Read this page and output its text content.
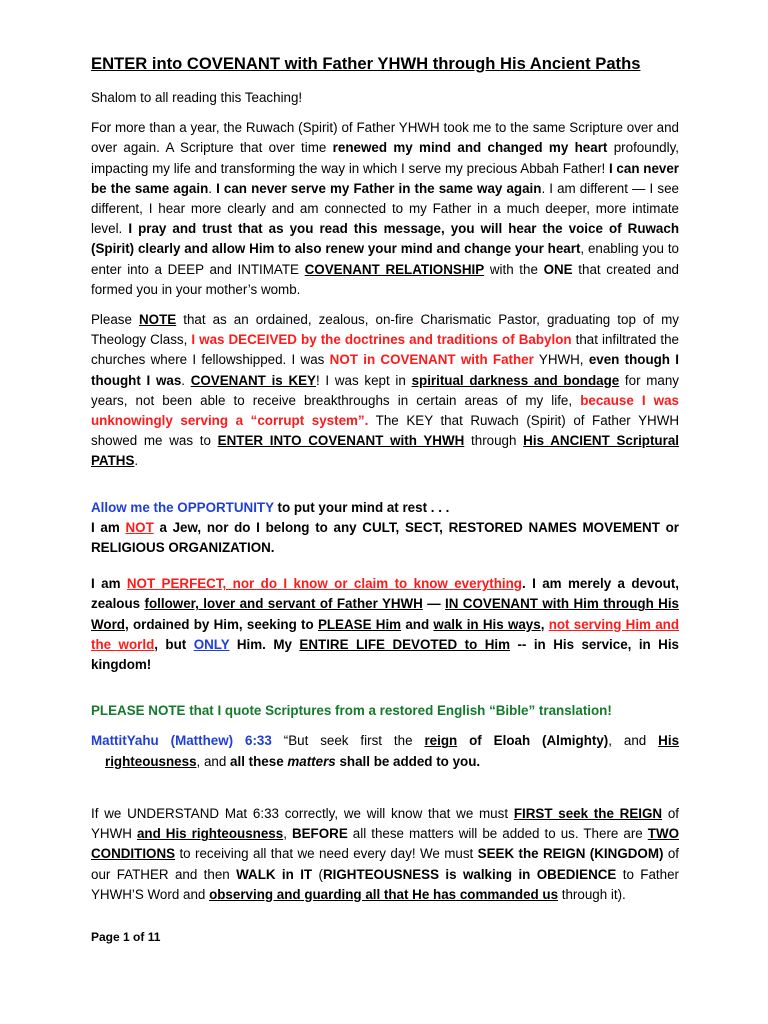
ENTER into COVENANT with Father YHWH through His Ancient Paths

Shalom to all reading this Teaching!

For more than a year, the Ruwach (Spirit) of Father YHWH took me to the same Scripture over and over again. A Scripture that over time renewed my mind and changed my heart profoundly, impacting my life and transforming the way in which I serve my precious Abbah Father! I can never be the same again. I can never serve my Father in the same way again. I am different — I see different, I hear more clearly and am connected to my Father in a much deeper, more intimate level. I pray and trust that as you read this message, you will hear the voice of Ruwach (Spirit) clearly and allow Him to also renew your mind and change your heart, enabling you to enter into a DEEP and INTIMATE COVENANT RELATIONSHIP with the ONE that created and formed you in your mother’s womb.

Please NOTE that as an ordained, zealous, on-fire Charismatic Pastor, graduating top of my Theology Class, I was DECEIVED by the doctrines and traditions of Babylon that infiltrated the churches where I fellowshipped. I was NOT in COVENANT with Father YHWH, even though I thought I was. COVENANT is KEY! I was kept in spiritual darkness and bondage for many years, not been able to receive breakthroughs in certain areas of my life, because I was unknowingly serving a “corrupt system”. The KEY that Ruwach (Spirit) of Father YHWH showed me was to ENTER INTO COVENANT with YHWH through His ANCIENT Scriptural PATHS.

Allow me the OPPORTUNITY to put your mind at rest . . .
I am NOT a Jew, nor do I belong to any CULT, SECT, RESTORED NAMES MOVEMENT or RELIGIOUS ORGANIZATION.

I am NOT PERFECT, nor do I know or claim to know everything. I am merely a devout, zealous follower, lover and servant of Father YHWH — IN COVENANT with Him through His Word, ordained by Him, seeking to PLEASE Him and walk in His ways, not serving Him and the world, but ONLY Him. My ENTIRE LIFE DEVOTED to Him -- in His service, in His kingdom!

PLEASE NOTE that I quote Scriptures from a restored English “Bible” translation!

MattitYahu (Matthew) 6:33 “But seek first the reign of Eloah (Almighty), and His righteousness, and all these matters shall be added to you.

If we UNDERSTAND Mat 6:33 correctly, we will know that we must FIRST seek the REIGN of YHWH and His righteousness, BEFORE all these matters will be added to us. There are TWO CONDITIONS to receiving all that we need every day! We must SEEK the REIGN (KINGDOM) of our FATHER and then WALK in IT (RIGHTEOUSNESS is walking in OBEDIENCE to Father YHWH’S Word and observing and guarding all that He has commanded us through it).

Page 1 of 11
